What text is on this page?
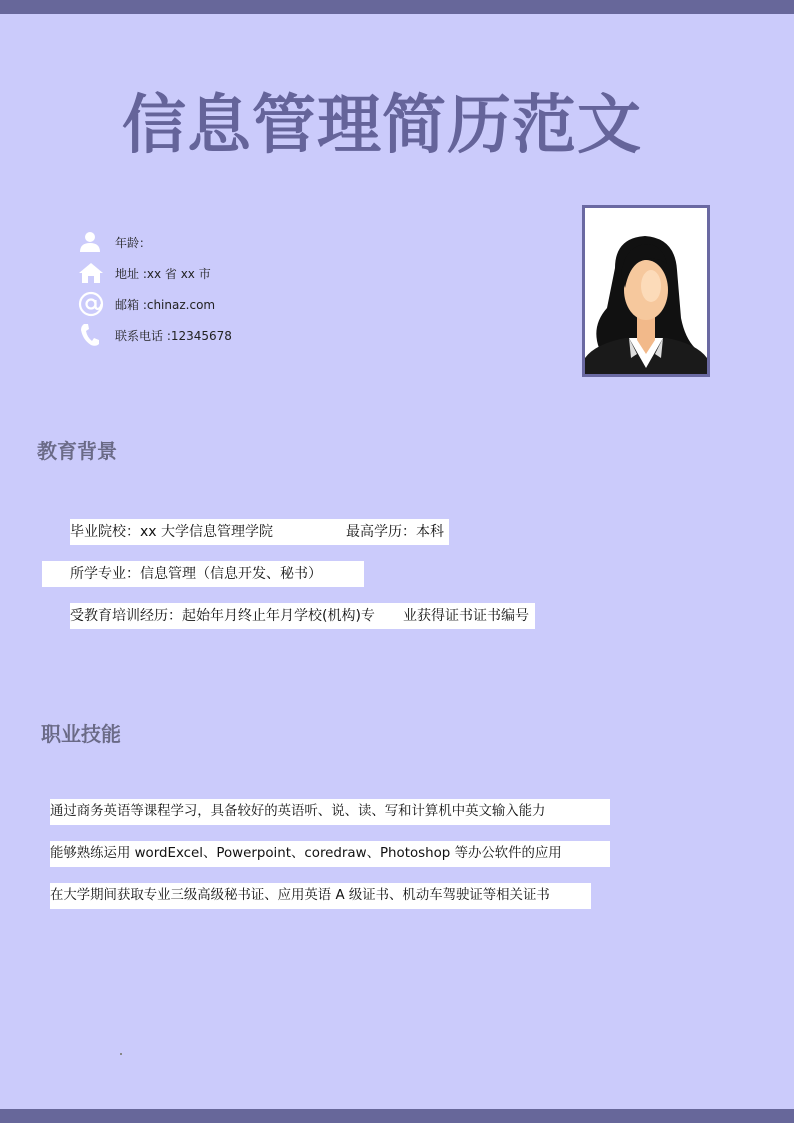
信息管理简历范文
年龄：
地址 :xx 省 xx 市
邮箱 :chinaz.com
联系电话 :12345678
教育背景
毕业院校：xx 大学信息管理学院	最高学历：本科
所学专业：信息管理（信息开发、秘书）
受教育培训经历：起始年月终止年月学校(机构)专 业获得证书证书编号
职业技能
通过商务英语等课程学习，具备较好的英语听、说、读、写和计算机中英文输入能力
能够熟练运用 wordExcel、Powerpoint、coredraw、Photoshop 等办公软件的应用
在大学期间获取专业三级高级秘书证、应用英语 A 级证书、机动车驾驶证等相关证书
